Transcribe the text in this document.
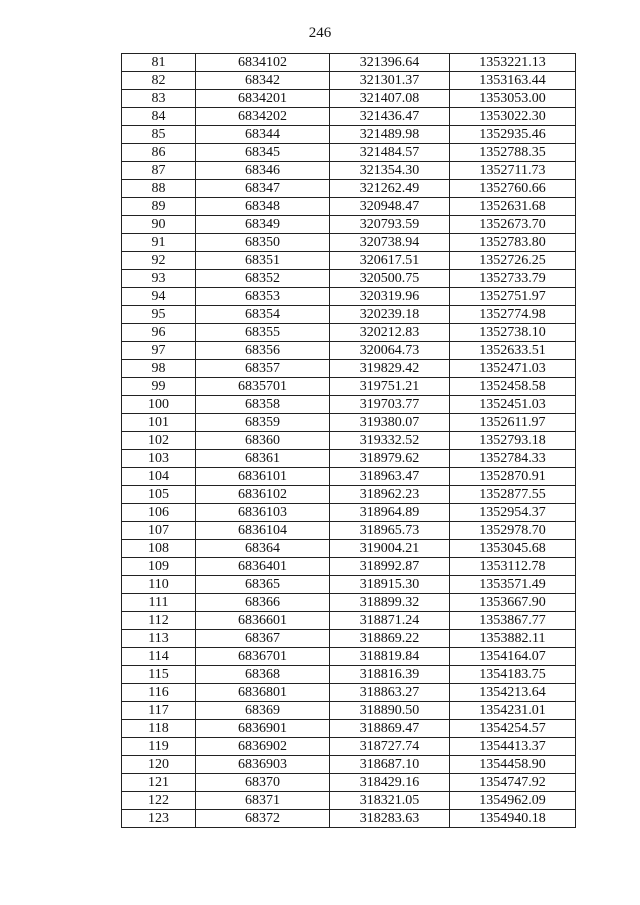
246
81	6834102	321396.64	1353221.13
82	68342	321301.37	1353163.44
83	6834201	321407.08	1353053.00
84	6834202	321436.47	1353022.30
85	68344	321489.98	1352935.46
86	68345	321484.57	1352788.35
87	68346	321354.30	1352711.73
88	68347	321262.49	1352760.66
89	68348	320948.47	1352631.68
90	68349	320793.59	1352673.70
91	68350	320738.94	1352783.80
92	68351	320617.51	1352726.25
93	68352	320500.75	1352733.79
94	68353	320319.96	1352751.97
95	68354	320239.18	1352774.98
96	68355	320212.83	1352738.10
97	68356	320064.73	1352633.51
98	68357	319829.42	1352471.03
99	6835701	319751.21	1352458.58
100	68358	319703.77	1352451.03
101	68359	319380.07	1352611.97
102	68360	319332.52	1352793.18
103	68361	318979.62	1352784.33
104	6836101	318963.47	1352870.91
105	6836102	318962.23	1352877.55
106	6836103	318964.89	1352954.37
107	6836104	318965.73	1352978.70
108	68364	319004.21	1353045.68
109	6836401	318992.87	1353112.78
110	68365	318915.30	1353571.49
111	68366	318899.32	1353667.90
112	6836601	318871.24	1353867.77
113	68367	318869.22	1353882.11
114	6836701	318819.84	1354164.07
115	68368	318816.39	1354183.75
116	6836801	318863.27	1354213.64
117	68369	318890.50	1354231.01
118	6836901	318869.47	1354254.57
119	6836902	318727.74	1354413.37
120	6836903	318687.10	1354458.90
121	68370	318429.16	1354747.92
122	68371	318321.05	1354962.09
123	68372	318283.63	1354940.18
